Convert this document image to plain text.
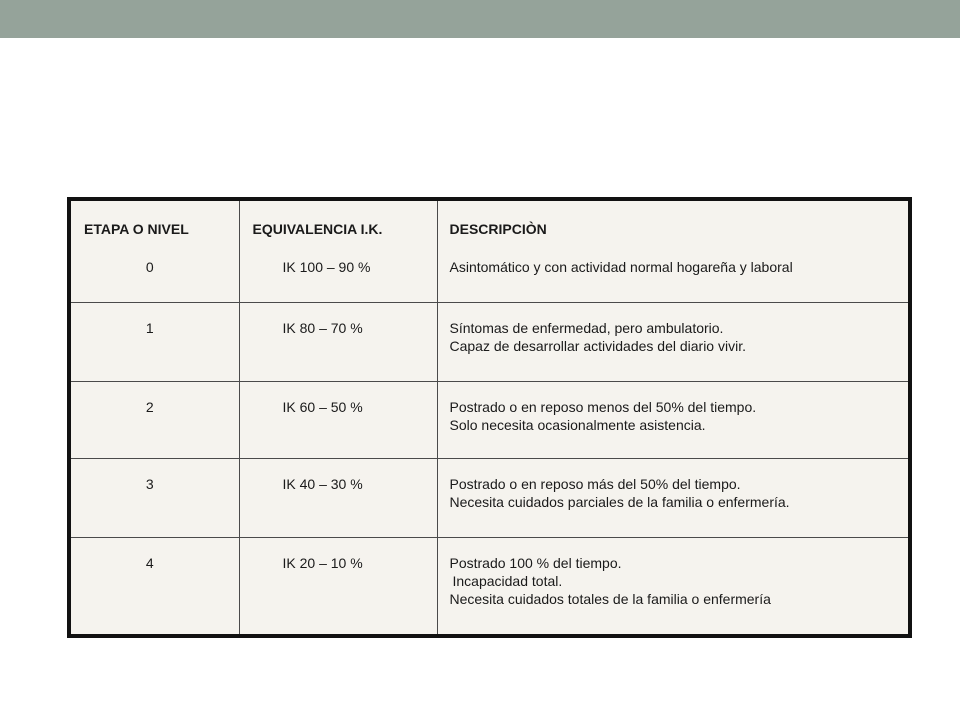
ETAPA O NIVEL	EQUIVALENCIA I.K.	DESCRIPCIÒN
0	IK 100 – 90 %	Asintomático y con actividad normal hogareña y laboral

1	IK 80 – 70 %	Síntomas de enfermedad, pero ambulatorio.
Capaz de desarrollar actividades del diario vivir.

2	IK 60 – 50 %	Postrado o en reposo menos del 50% del tiempo.
Solo necesita ocasionalmente asistencia.

3	IK 40 – 30 %	Postrado o en reposo más del 50% del tiempo.
Necesita cuidados parciales de la familia o enfermería.

4	IK 20 – 10 %	Postrado 100 % del tiempo.
Incapacidad total.
Necesita cuidados totales de la familia o enfermería
